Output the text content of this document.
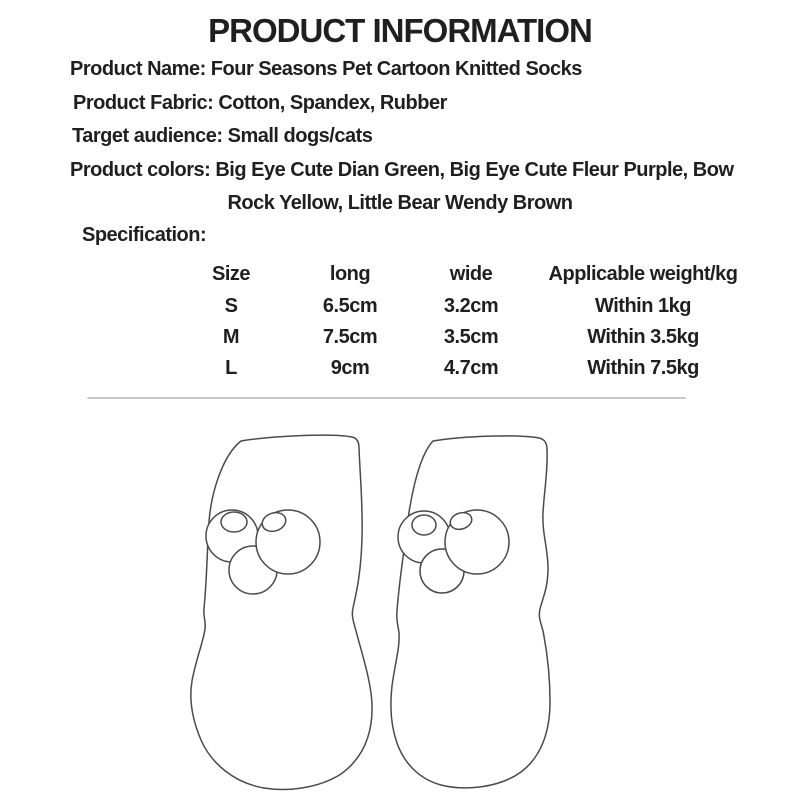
PRODUCT INFORMATION
Product Name: Four Seasons Pet Cartoon Knitted Socks
Product Fabric: Cotton, Spandex, Rubber
Target audience: Small dogs/cats
Product colors: Big Eye Cute Dian Green, Big Eye Cute Fleur Purple, Bow
Rock Yellow, Little Bear Wendy Brown
Specification:
Size	long	wide	Applicable weight/kg
S	6.5cm	3.2cm	Within 1kg
M	7.5cm	3.5cm	Within 3.5kg
L	9cm	4.7cm	Within 7.5kg
